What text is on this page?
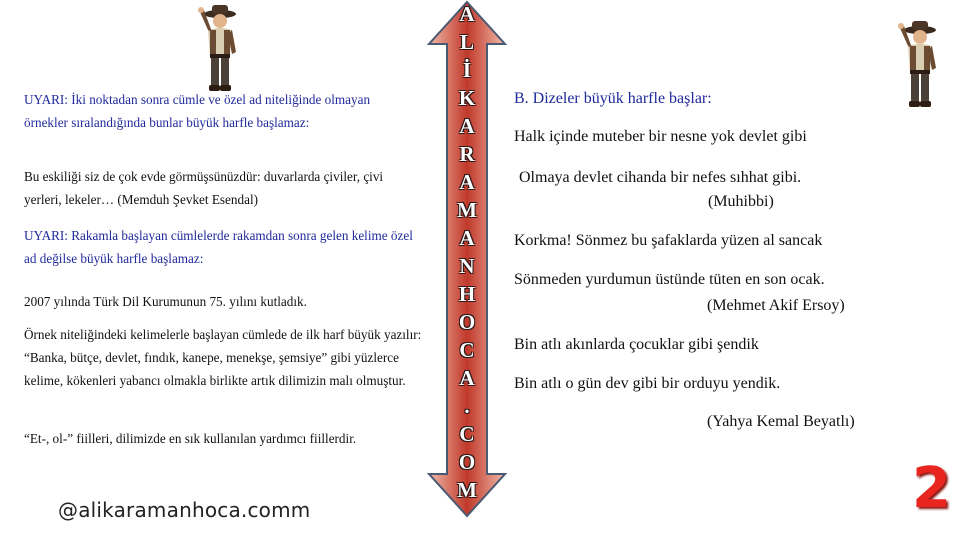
UYARI: İki noktadan sonra cümle ve özel ad niteliğinde olmayan örnekler sıralandığında bunlar büyük harfle başlamaz:

Bu eskiliği siz de çok evde görmüşsünüzdür: duvarlarda çiviler, çivi yerleri, lekeler… (Memduh Şevket Esendal)

UYARI: Rakamla başlayan cümlelerde rakamdan sonra gelen kelime özel ad değilse büyük harfle başlamaz:

2007 yılında Türk Dil Kurumunun 75. yılını kutladık.

Örnek niteliğindeki kelimelerle başlayan cümlede de ilk harf büyük yazılır: “Banka, bütçe, devlet, fındık, kanepe, menekşe, şemsiye” gibi yüzlerce kelime, kökenleri yabancı olmakla birlikte artık dilimizin malı olmuştur.

“Et-, ol-” fiilleri, dilimizde en sık kullanılan yardımcı fiillerdir.

A
L
İ
K
A
R
A
M
A
N
H
O
C
A
.
C
O
M

B. Dizeler büyük harfle başlar:

Halk içinde muteber bir nesne yok devlet gibi

Olmaya devlet cihanda bir nefes sıhhat gibi.

(Muhibbi)

Korkma! Sönmez bu şafaklarda yüzen al sancak

Sönmeden yurdumun üstünde tüten en son ocak.

(Mehmet Akif Ersoy)

Bin atlı akınlarda çocuklar gibi şendik

Bin atlı o gün dev gibi bir orduyu yendik.

(Yahya Kemal Beyatlı)
@alikaramanhoca.comm	2
